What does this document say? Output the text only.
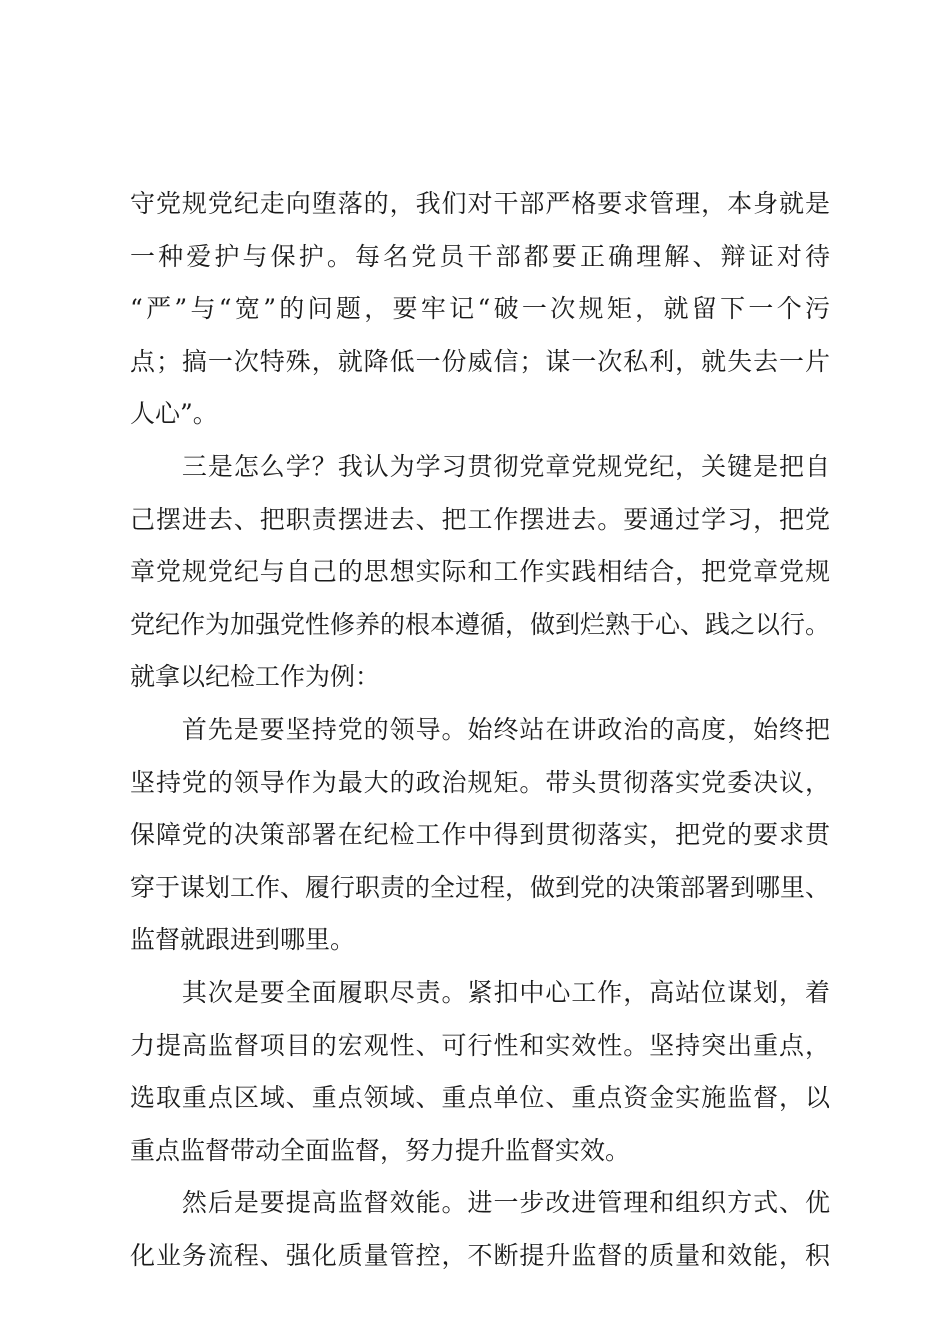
守党规党纪走向堕落的，我们对干部严格要求管理，本身就是
一种爱护与保护。每名党员干部都要正确理解、辩证对待
“严”与“宽”的问题，要牢记“破一次规矩，就留下一个污
点；搞一次特殊，就降低一份威信；谋一次私利，就失去一片
人心”。
　　三是怎么学？我认为学习贯彻党章党规党纪，关键是把自
己摆进去、把职责摆进去、把工作摆进去。要通过学习，把党
章党规党纪与自己的思想实际和工作实践相结合，把党章党规
党纪作为加强党性修养的根本遵循，做到烂熟于心、践之以行。
就拿以纪检工作为例：
　　首先是要坚持党的领导。始终站在讲政治的高度，始终把
坚持党的领导作为最大的政治规矩。带头贯彻落实党委决议，
保障党的决策部署在纪检工作中得到贯彻落实，把党的要求贯
穿于谋划工作、履行职责的全过程，做到党的决策部署到哪里、
监督就跟进到哪里。
　　其次是要全面履职尽责。紧扣中心工作，高站位谋划，着
力提高监督项目的宏观性、可行性和实效性。坚持突出重点，
选取重点区域、重点领域、重点单位、重点资金实施监督，以
重点监督带动全面监督，努力提升监督实效。
　　然后是要提高监督效能。进一步改进管理和组织方式、优
化业务流程、强化质量管控，不断提升监督的质量和效能，积
